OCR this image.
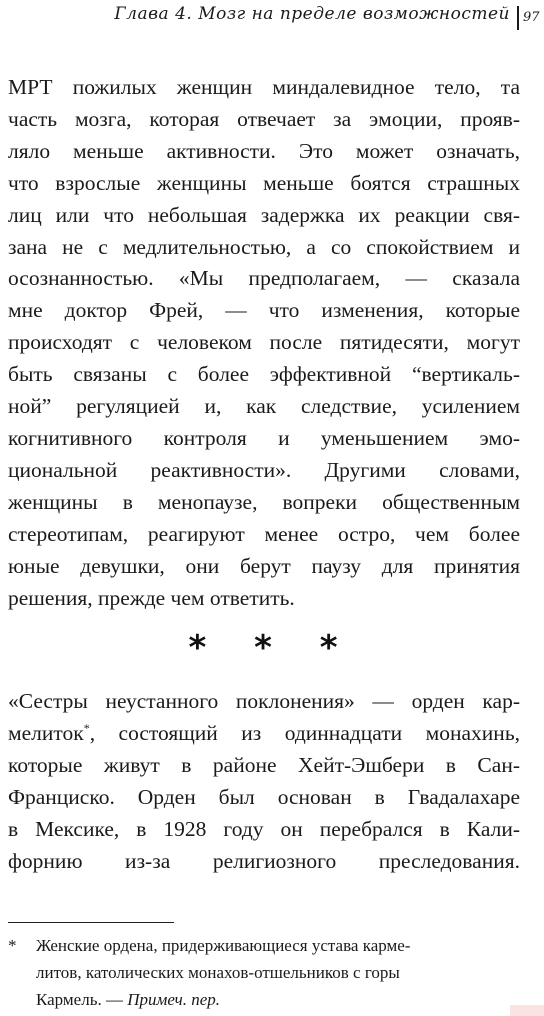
Глава 4. Мозг на пределе возможностей 97
МРТ пожилых женщин миндалевидное тело, та
часть мозга, которая отвечает за эмоции, прояв-
ляло меньше активности. Это может означать,
что взрослые женщины меньше боятся страшных
лиц или что небольшая задержка их реакции свя-
зана не с медлительностью, а со спокойствием и
осознанностью. «Мы предполагаем, — сказала
мне доктор Фрей, — что изменения, которые
происходят с человеком после пятидесяти, могут
быть связаны с более эффективной “вертикаль-
ной” регуляцией и, как следствие, усилением
когнитивного контроля и уменьшением эмо-
циональной реактивности». Другими словами,
женщины в менопаузе, вопреки общественным
стереотипам, реагируют менее остро, чем более
юные девушки, они берут паузу для принятия
решения, прежде чем ответить.
* * *
«Сестры неустанного поклонения» — орден кар-
мелиток*, состоящий из одиннадцати монахинь,
которые живут в районе Хейт-Эшбери в Сан-
Франциско. Орден был основан в Гвадалахаре
в Мексике, в 1928 году он перебрался в Кали-
форнию из-за религиозного преследования.
* Женские ордена, придерживающиеся устава карме-
литов, католических монахов-отшельников с горы
Кармель. — Примеч. пер.
